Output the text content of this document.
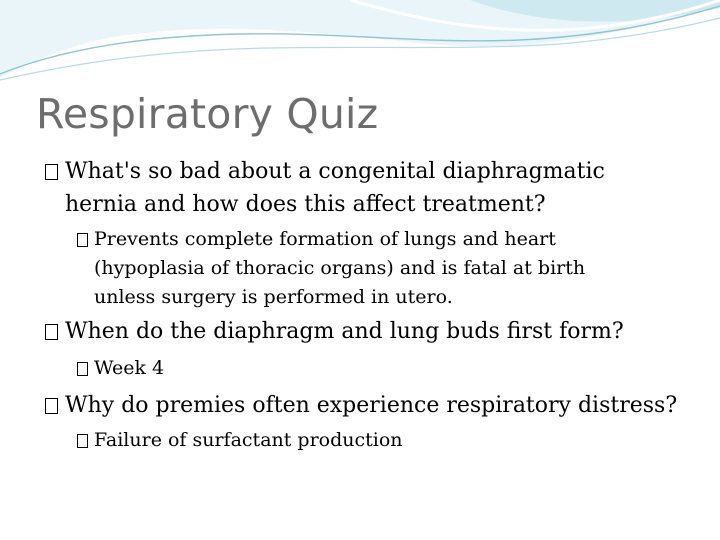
Respiratory Quiz
What's so bad about a congenital diaphragmatic
hernia and how does this affect treatment?
Prevents complete formation of lungs and heart
(hypoplasia of thoracic organs) and is fatal at birth
unless surgery is performed in utero.
When do the diaphragm and lung buds first form?
Week 4
Why do premies often experience respiratory distress?
Failure of surfactant production
